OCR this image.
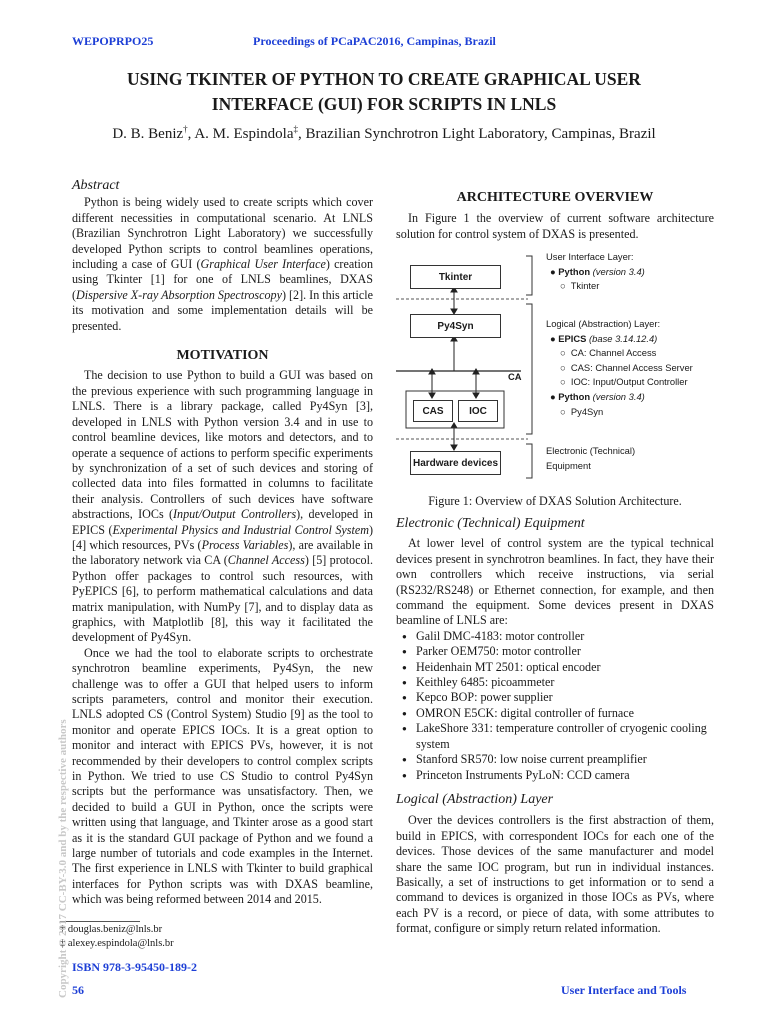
WEPOPRPO25	Proceedings of PCaPAC2016, Campinas, Brazil
USING TKINTER OF PYTHON TO CREATE GRAPHICAL USER
INTERFACE (GUI) FOR SCRIPTS IN LNLS
D. B. Beniz†, A. M. Espindola‡, Brazilian Synchrotron Light Laboratory, Campinas, Brazil
Abstract

Python is being widely used to create scripts which cover different necessities in computational scenario. At LNLS (Brazilian Synchrotron Light Laboratory) we successfully developed Python scripts to control beamlines operations, including a case of GUI (Graphical User Interface) creation using Tkinter [1] for one of LNLS beamlines, DXAS (Dispersive X-ray Absorption Spectroscopy) [2]. In this article its motivation and some implementation details will be presented.

MOTIVATION

The decision to use Python to build a GUI was based on the previous experience with such programming language in LNLS. There is a library package, called Py4Syn [3], developed in LNLS with Python version 3.4 and in use to control beamline devices, like motors and detectors, and to operate a sequence of actions to perform specific experiments by synchronization of a set of such devices and storing of collected data into files formatted in columns to facilitate their analysis. Controllers of such devices have software abstractions, IOCs (Input/Output Controllers), developed in EPICS (Experimental Physics and Industrial Control System) [4] which resources, PVs (Process Variables), are available in the laboratory network via CA (Channel Access) [5] protocol. Python offer packages to control such resources, with PyEPICS [6], to perform mathematical calculations and data matrix manipulation, with NumPy [7], and to display data as graphics, with Matplotlib [8], this way it facilitated the development of Py4Syn.

Once we had the tool to elaborate scripts to orchestrate synchrotron beamline experiments, Py4Syn, the new challenge was to offer a GUI that helped users to inform scripts parameters, control and monitor their execution. LNLS adopted CS (Control System) Studio [9] as the tool to monitor and operate EPICS IOCs. It is a great option to monitor and interact with EPICS PVs, however, it is not recommended by their developers to control complex scripts in Python. We tried to use CS Studio to control Py4Syn scripts but the performance was unsatisfactory. Then, we decided to build a GUI in Python, once the scripts were written using that language, and Tkinter arose as a good start as it is the standard GUI package of Python and we found a large number of tutorials and code examples in the Internet. The first experience in LNLS with Tkinter to build graphical interfaces for Python scripts was with DXAS beamline, which was being reformed between 2014 and 2015.

† douglas.beniz@lnls.br
‡ alexey.espindola@lnls.br
ISBN 978-3-95450-189-2
56	User Interface and Tools
Copyright © 2017 CC-BY-3.0 and by the respective authors
ARCHITECTURE OVERVIEW

In Figure 1 the overview of current software architecture solution for control system of DXAS is presented.

Tkinter
Py4Syn
CAS	IOC
Hardware devices
CA
User Interface Layer:
● Python (version 3.4)
○  Tkinter
Logical (Abstraction) Layer:
● EPICS (base 3.14.12.4)
○  CA: Channel Access
○  CAS: Channel Access Server
○  IOC: Input/Output Controller
● Python (version 3.4)
○  Py4Syn
Electronic (Technical)
Equipment
Figure 1: Overview of DXAS Solution Architecture.
Electronic (Technical) Equipment

At lower level of control system are the typical technical devices present in synchrotron beamlines. In fact, they have their own controllers which receive instructions, via serial (RS232/RS248) or Ethernet connection, for example, and then command the equipment. Some devices present in DXAS beamline of LNLS are:

● Galil DMC-4183: motor controller
● Parker OEM750: motor controller
● Heidenhain MT 2501: optical encoder
● Keithley 6485: picoammeter
● Kepco BOP: power supplier
● OMRON E5CK: digital controller of furnace
● LakeShore 331: temperature controller of cryogenic cooling system
● Stanford SR570: low noise current preamplifier
● Princeton Instruments PyLoN: CCD camera
Logical (Abstraction) Layer

Over the devices controllers is the first abstraction of them, build in EPICS, with correspondent IOCs for each one of the devices. Those devices of the same manufacturer and model share the same IOC program, but run in individual instances. Basically, a set of instructions to get information or to send a command to devices is organized in those IOCs as PVs, where each PV is a record, or piece of data, with some attributes to format, configure or simply return related information.
